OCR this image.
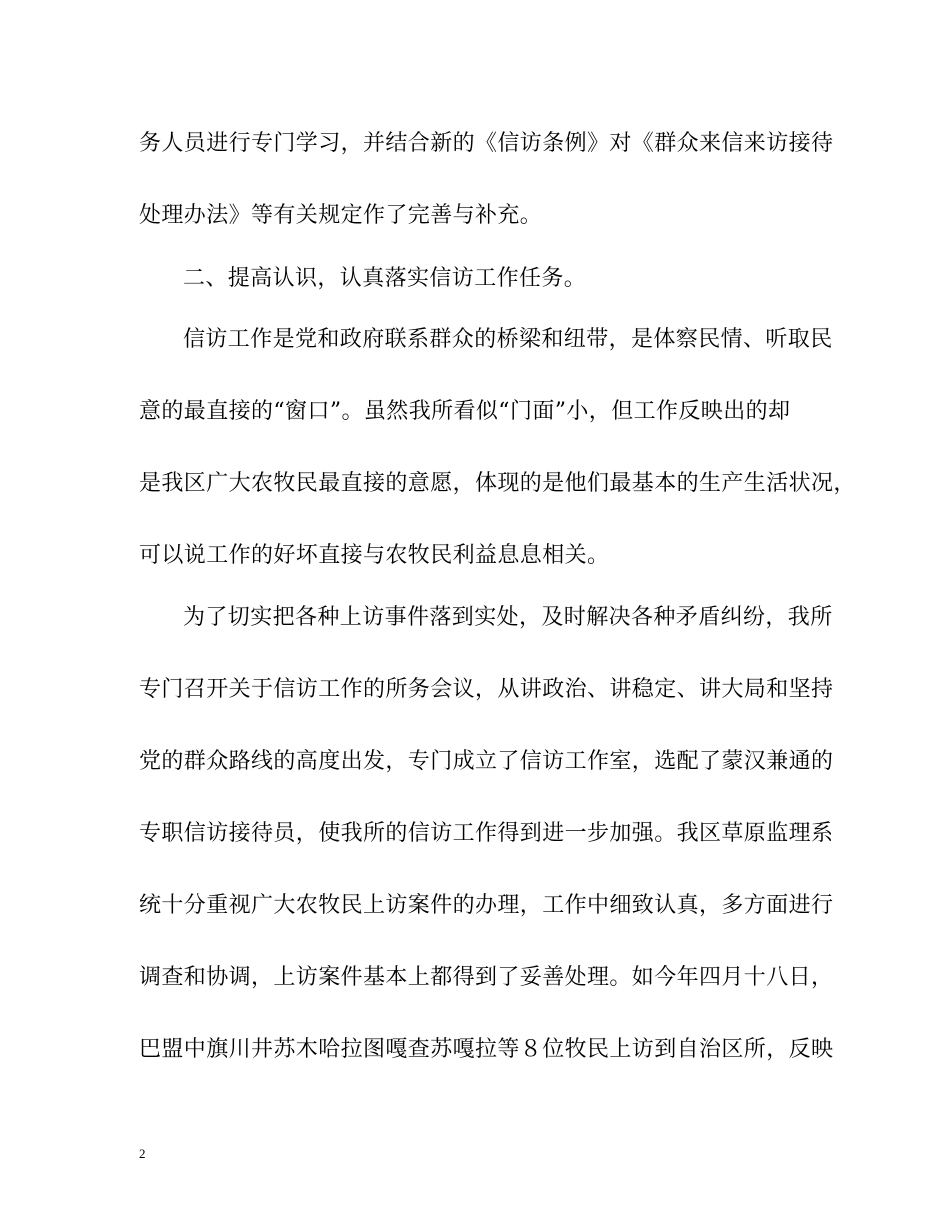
务人员进行专门学习，并结合新的《信访条例》对《群众来信来访接待
处理办法》等有关规定作了完善与补充。
二、提高认识，认真落实信访工作任务。
信访工作是党和政府联系群众的桥梁和纽带，是体察民情、听取民
意的最直接的“窗口”。虽然我所看似“门面”小，但工作反映出的却
是我区广大农牧民最直接的意愿，体现的是他们最基本的生产生活状况，
可以说工作的好坏直接与农牧民利益息息相关。
为了切实把各种上访事件落到实处，及时解决各种矛盾纠纷，我所
专门召开关于信访工作的所务会议，从讲政治、讲稳定、讲大局和坚持
党的群众路线的高度出发，专门成立了信访工作室，选配了蒙汉兼通的
专职信访接待员，使我所的信访工作得到进一步加强。我区草原监理系
统十分重视广大农牧民上访案件的办理，工作中细致认真，多方面进行
调查和协调，上访案件基本上都得到了妥善处理。如今年四月十八日，
巴盟中旗川井苏木哈拉图嘎查苏嘎拉等８位牧民上访到自治区所，反映
2
